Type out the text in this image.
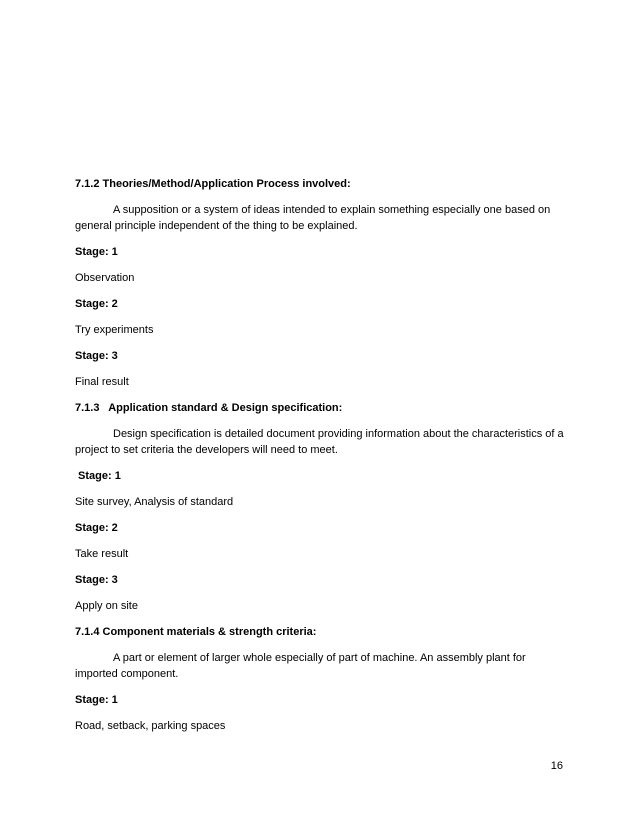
7.1.2 Theories/Method/Application Process involved:

A supposition or a system of ideas intended to explain something especially one based on general principle independent of the thing to be explained.

Stage: 1

Observation

Stage: 2

Try experiments

Stage: 3

Final result

7.1.3   Application standard & Design specification:

Design specification is detailed document providing information about the characteristics of a project to set criteria the developers will need to meet.

Stage: 1

Site survey, Analysis of standard

Stage: 2

Take result

Stage: 3

Apply on site

7.1.4 Component materials & strength criteria:

A part or element of larger whole especially of part of machine. An assembly plant for imported component.

Stage: 1

Road, setback, parking spaces

16
